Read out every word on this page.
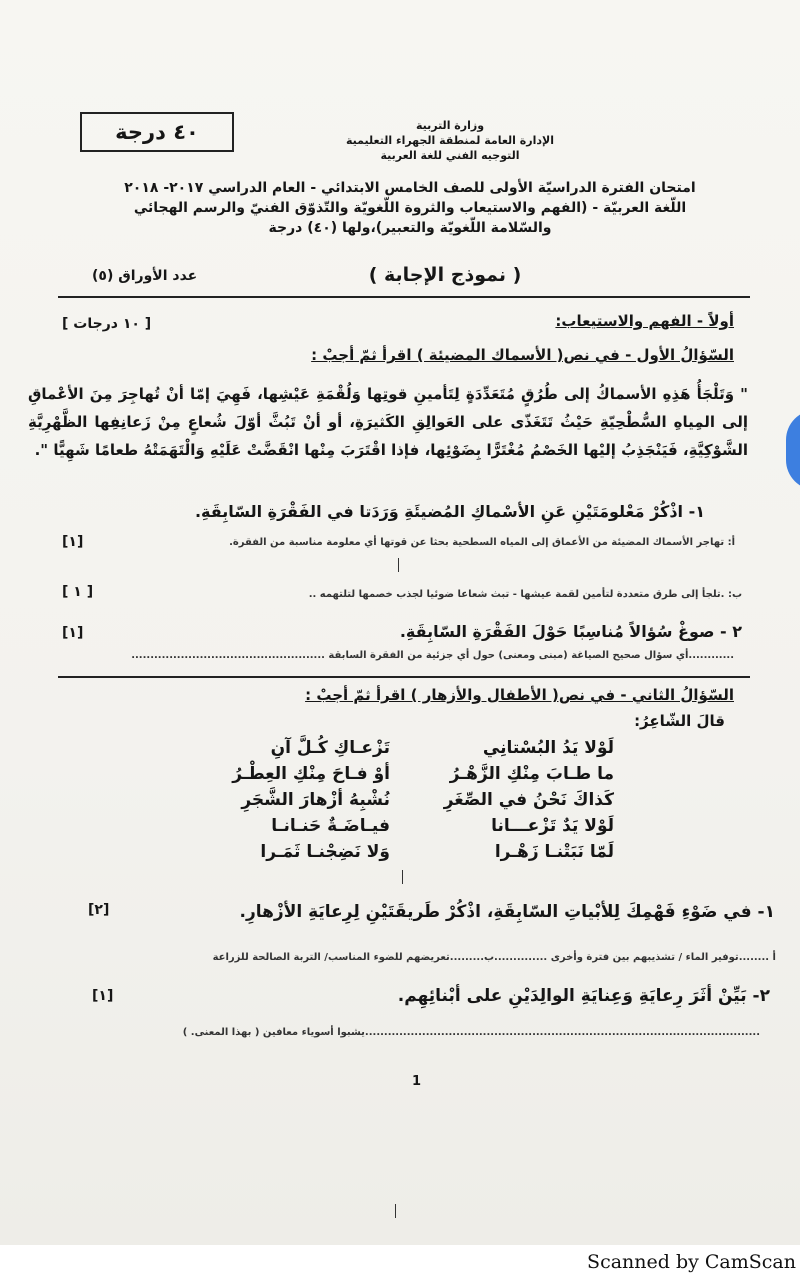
وزارة التربية
الإدارة العامة لمنطقة الجهراء التعليمية
التوجيه الفني للغة العربية
٤٠ درجة
امتحان الفترة الدراسيّة الأولى للصف الخامس الابتدائي - العام الدراسي ٢٠١٧- ٢٠١٨
اللّغة العربيّة - (الفهم والاستيعاب والثروة اللّغويّة والتّذوّق الفنيّ والرسم الهجائي
والسّلامة اللّغويّة والتعبير)،ولها (٤٠) درجة
( نموذج الإجابة )
عدد الأوراق (٥)
أولاً - الفهم والاستيعاب:
[ ١٠ درجات ]
السّؤالُ الأول - في نص( الأسماك المضيئة ) اقرأ ثمّ أجبْ :
" وَتَلْجَأُ هَذِهِ الأسماكُ إلى طُرُقٍ مُتَعَدِّدَةٍ لِتَأمينِ قوتِها وَلُقْمَةِ عَيْشِها، فَهِيَ إمّا أنْ تُهاجِرَ مِنَ الأعْماقِ إلى المِياهِ السُّطْحِيّةِ حَيْثُ تَتَغَذّى على العَوالِقِ الكَثيرَةِ، أو أنْ تَبُثَّ أوّلَ شُعاعٍ مِنْ زَعانِفِها الظَّهْرِيَّةِ الشَّوْكِيَّةِ، فَيَنْجَذِبُ إليْها الخَصْمُ مُغْتَرًّا بِضَوْئِها، فإذا اقْتَرَبَ مِنْها انْقَضَّتْ عَلَيْهِ وَالْتَهَمَتْهُ طعامًا شَهِيًّا ".
١- اذْكُرْ مَعْلومَتَيْنِ عَنِ الأسْماكِ المُضيئَةِ وَرَدَتا في الفَقْرَةِ السّابِقَةِ.
[١]	أ: تهاجر الأسماك المضيئة من الأعماق إلى المياه السطحية بحثا عن قوتها أي معلومة مناسبة من الفقرة.
[ ١ ]	ب: .تلجأ إلى طرق متعددة لتأمين لقمة عيشها - تبث شعاعا ضوئيا لجذب خصمها لتلتهمه ..
٢ - صوغْ سُؤالاً مُناسِبًا حَوْلَ الفَقْرَةِ السّابِقَةِ.
[١]
............أي سؤال صحيح الصياغة (مبنى ومعنى) حول أي جزئية من الفقرة السابقة ...................................................
السّؤالُ الثاني - في نص( الأطفال والأزهار ) اقرأ ثمّ أجبْ :
قالَ الشّاعِرُ:
لَوْلا يَدُ البُسْتانِي
تَزْعـاكِ كُـلَّ آنِ
ما طـابَ مِنْكِ الزَّهْـرُ
أوْ فـاحَ مِنْكِ العِطْـرُ
كَذاكَ نَحْنُ في الصِّغَرِ
نُشْبِهُ أزْهارَ الشَّجَرِ
لَوْلا يَدٌ تَزْعـــانا
فيـاضَـةٌ حَنـانـا
لَمّا نَبَتْنـا زَهْـرا
وَلا نَضِجْنـا ثَمَـرا
١- في ضَوْءِ فَهْمِكَ لِلأبْياتِ السّابِقَةِ، اذْكُرْ طَريقَتَيْنِ لِرِعايَةِ الأزْهارِ.
[٢]
أ ........توفير الماء / تشذيبهم بين فترة وأخرى ..............ب.........تعريضهم للضوء المناسب/ التربة الصالحة للزراعة
٢- بَيِّنْ أثَرَ رِعايَةِ وَعِنايَةِ الوالِدَيْنِ على أبْنائِهِم.
[١]
........................................................................................................يشبوا أسوياء معافين ( بهذا المعنى. )
1
Scanned by CamScan
